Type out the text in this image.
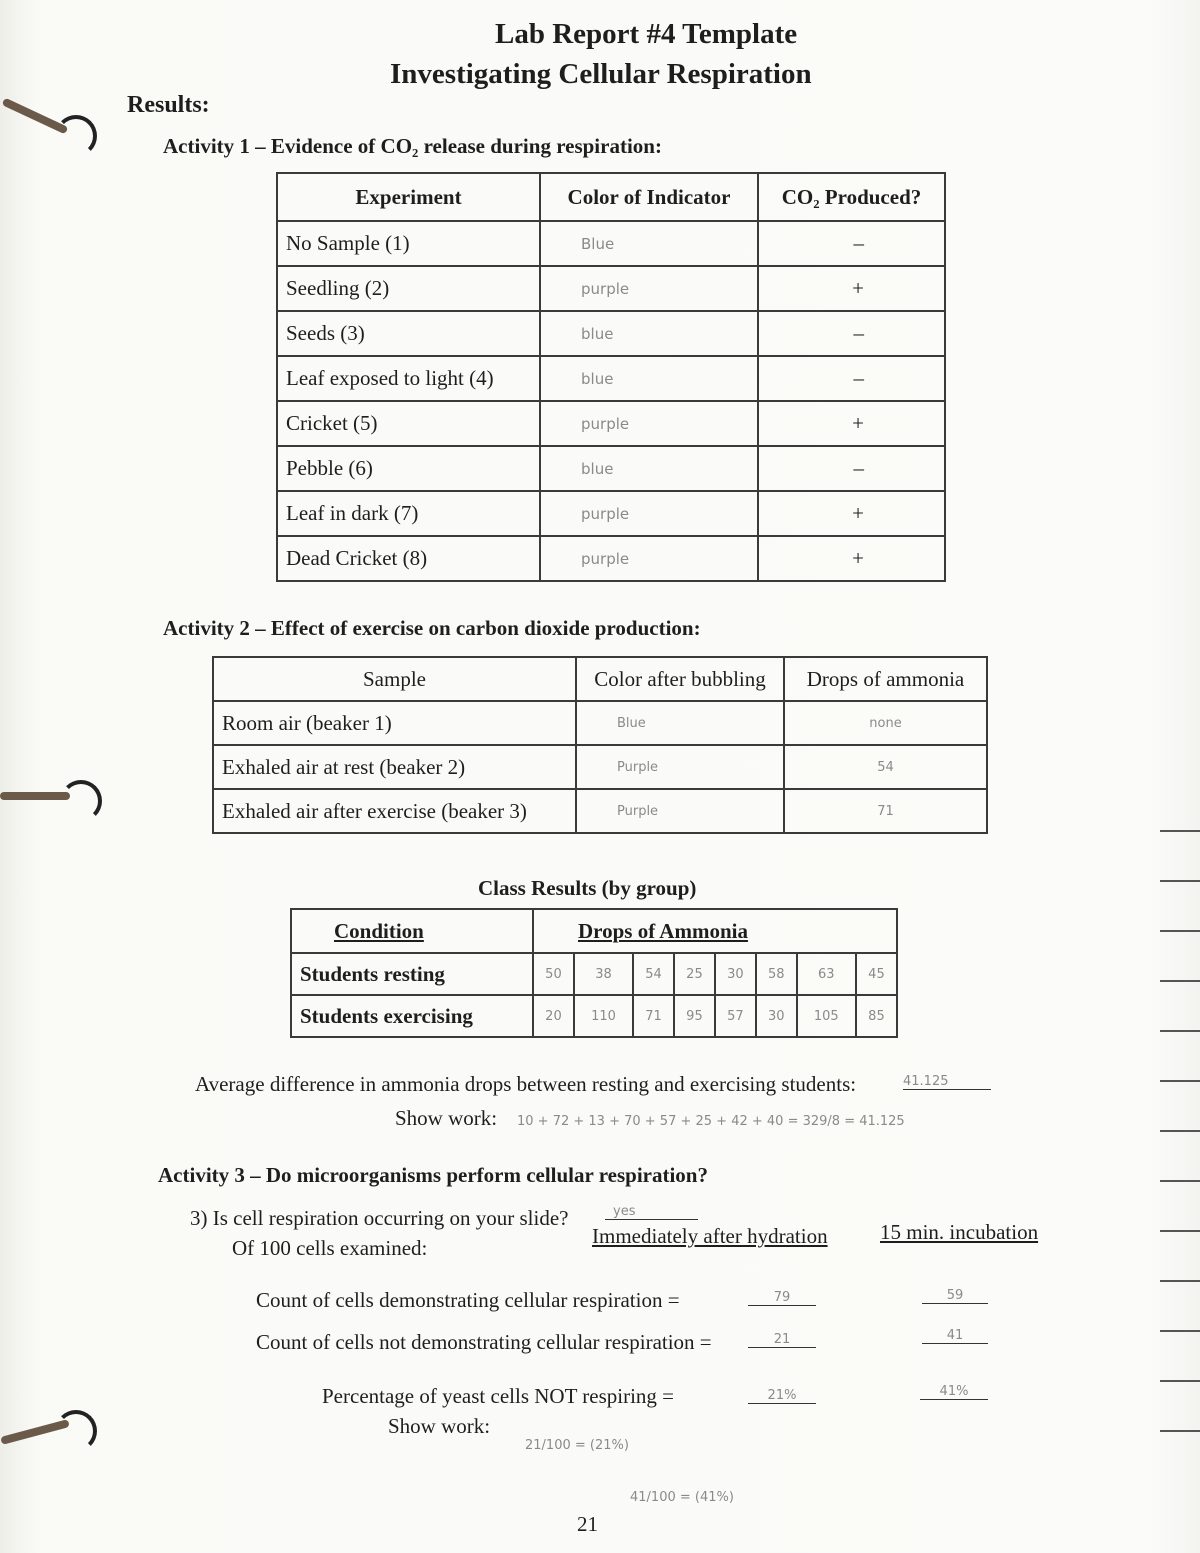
Lab Report #4 Template
Investigating Cellular Respiration
Results:
Activity 1 – Evidence of CO₂ release during respiration:
Experiment	Color of Indicator	CO₂ Produced?
No Sample (1)	Blue	–
Seedling (2)	purple	+
Seeds (3)	blue	–
Leaf exposed to light (4)	blue	–
Cricket (5)	purple	+
Pebble (6)	blue	–
Leaf in dark (7)	purple	+
Dead Cricket (8)	purple	+
Activity 2 – Effect of exercise on carbon dioxide production:
Sample	Color after bubbling	Drops of ammonia
Room air (beaker 1)	Blue	none
Exhaled air at rest (beaker 2)	Purple	54
Exhaled air after exercise (beaker 3)	Purple	71
Class Results (by group)
Condition	Drops of Ammonia							
Students resting	50	38	54	25	30	58	63	45
Students exercising	20	110	71	95	57	30	105	85
Average difference in ammonia drops between resting and exercising students:	41.125
Show work: 10 + 72 + 13 + 70 + 57 + 25 + 42 + 40 = 329/8 = 41.125
Activity 3 – Do microorganisms perform cellular respiration?
3) Is cell respiration occurring on your slide?	yes
Of 100 cells examined:	Immediately after hydration 15 min. incubation
Count of cells demonstrating cellular respiration =	79	59
Count of cells not demonstrating cellular respiration =	21	41
Percentage of yeast cells NOT respiring =	21%	41%
Show work:
21/100 = (21%)
41/100 = (41%)
21
